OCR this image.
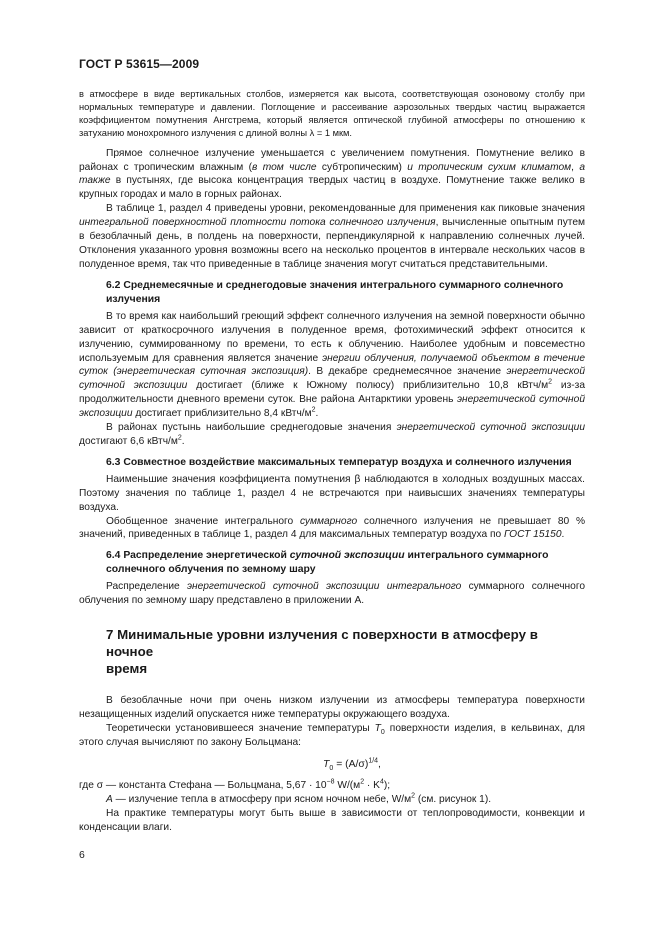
ГОСТ Р 53615—2009

в атмосфере в виде вертикальных столбов, измеряется как высота, соответствующая озоновому столбу при нормальных температуре и давлении. Поглощение и рассеивание аэрозольных твердых частиц выражается коэффициентом помутнения Ангстрема, который является оптической глубиной атмосферы по отношению к затуханию монохромного излучения с длиной волны λ = 1 мкм.

Прямое солнечное излучение уменьшается с увеличением помутнения. Помутнение велико в районах с тропическим влажным (в том числе субтропическим) и тропическим сухим климатом, а также в пустынях, где высока концентрация твердых частиц в воздухе. Помутнение также велико в крупных городах и мало в горных районах.

В таблице 1, раздел 4 приведены уровни, рекомендованные для применения как пиковые значения интегральной поверхностной плотности потока солнечного излучения, вычисленные опытным путем в безоблачный день, в полдень на поверхности, перпендикулярной к направлению солнечных лучей. Отклонения указанного уровня возможны всего на несколько процентов в интервале нескольких часов в полуденное время, так что приведенные в таблице значения могут считаться представительными.

6.2 Среднемесячные и среднегодовые значения интегрального суммарного солнечного
излучения

В то время как наибольший греющий эффект солнечного излучения на земной поверхности обычно зависит от краткосрочного излучения в полуденное время, фотохимический эффект относится к излучению, суммированному по времени, то есть к облучению. Наиболее удобным и повсеместно используемым для сравнения является значение энергии облучения, получаемой объектом в течение суток (энергетическая суточная экспозиция). В декабре среднемесячное значение энергетической суточной экспозиции достигает (ближе к Южному полюсу) приблизительно 10,8 кВтч/$м^2$ из-за продолжительности дневного времени суток. Вне района Антарктики уровень энергетической суточной экспозиции достигает приблизительно 8,4 кВтч/$м^2$.

В районах пустынь наибольшие среднегодовые значения энергетической суточной экспозиции достигают 6,6 кВтч/$м^2$.

6.3 Совместное воздействие максимальных температур воздуха и солнечного излучения

Наименьшие значения коэффициента помутнения β наблюдаются в холодных воздушных массах. Поэтому значения по таблице 1, раздел 4 не встречаются при наивысших значениях температуры воздуха.

Обобщенное значение интегрального суммарного солнечного излучения не превышает 80 % значений, приведенных в таблице 1, раздел 4 для максимальных температур воздуха по ГОСТ 15150.

6.4 Распределение энергетической суточной экспозиции интегрального суммарного
солнечного облучения по земному шару

Распределение энергетической суточной экспозиции интегрального суммарного солнечного облучения по земному шару представлено в приложении А.

7 Минимальные уровни излучения с поверхности в атмосферу в ночное
время

В безоблачные ночи при очень низком излучении из атмосферы температура поверхности незащищенных изделий опускается ниже температуры окружающего воздуха.

Теоретически установившееся значение температуры $T_0$ поверхности изделия, в кельвинах, для этого случая вычисляют по закону Больцмана:

$T_0 = (A/\sigma)^{1/4}$,

где σ — константа Стефана — Больцмана, $5,67 \cdot 10^{-8}$ $W/(м^2 \cdot K^4)$;

A — излучение тепла в атмосферу при ясном ночном небе, $W/м^2$ (см. рисунок 1).

На практике температуры могут быть выше в зависимости от теплопроводимости, конвекции и конденсации влаги.

6
